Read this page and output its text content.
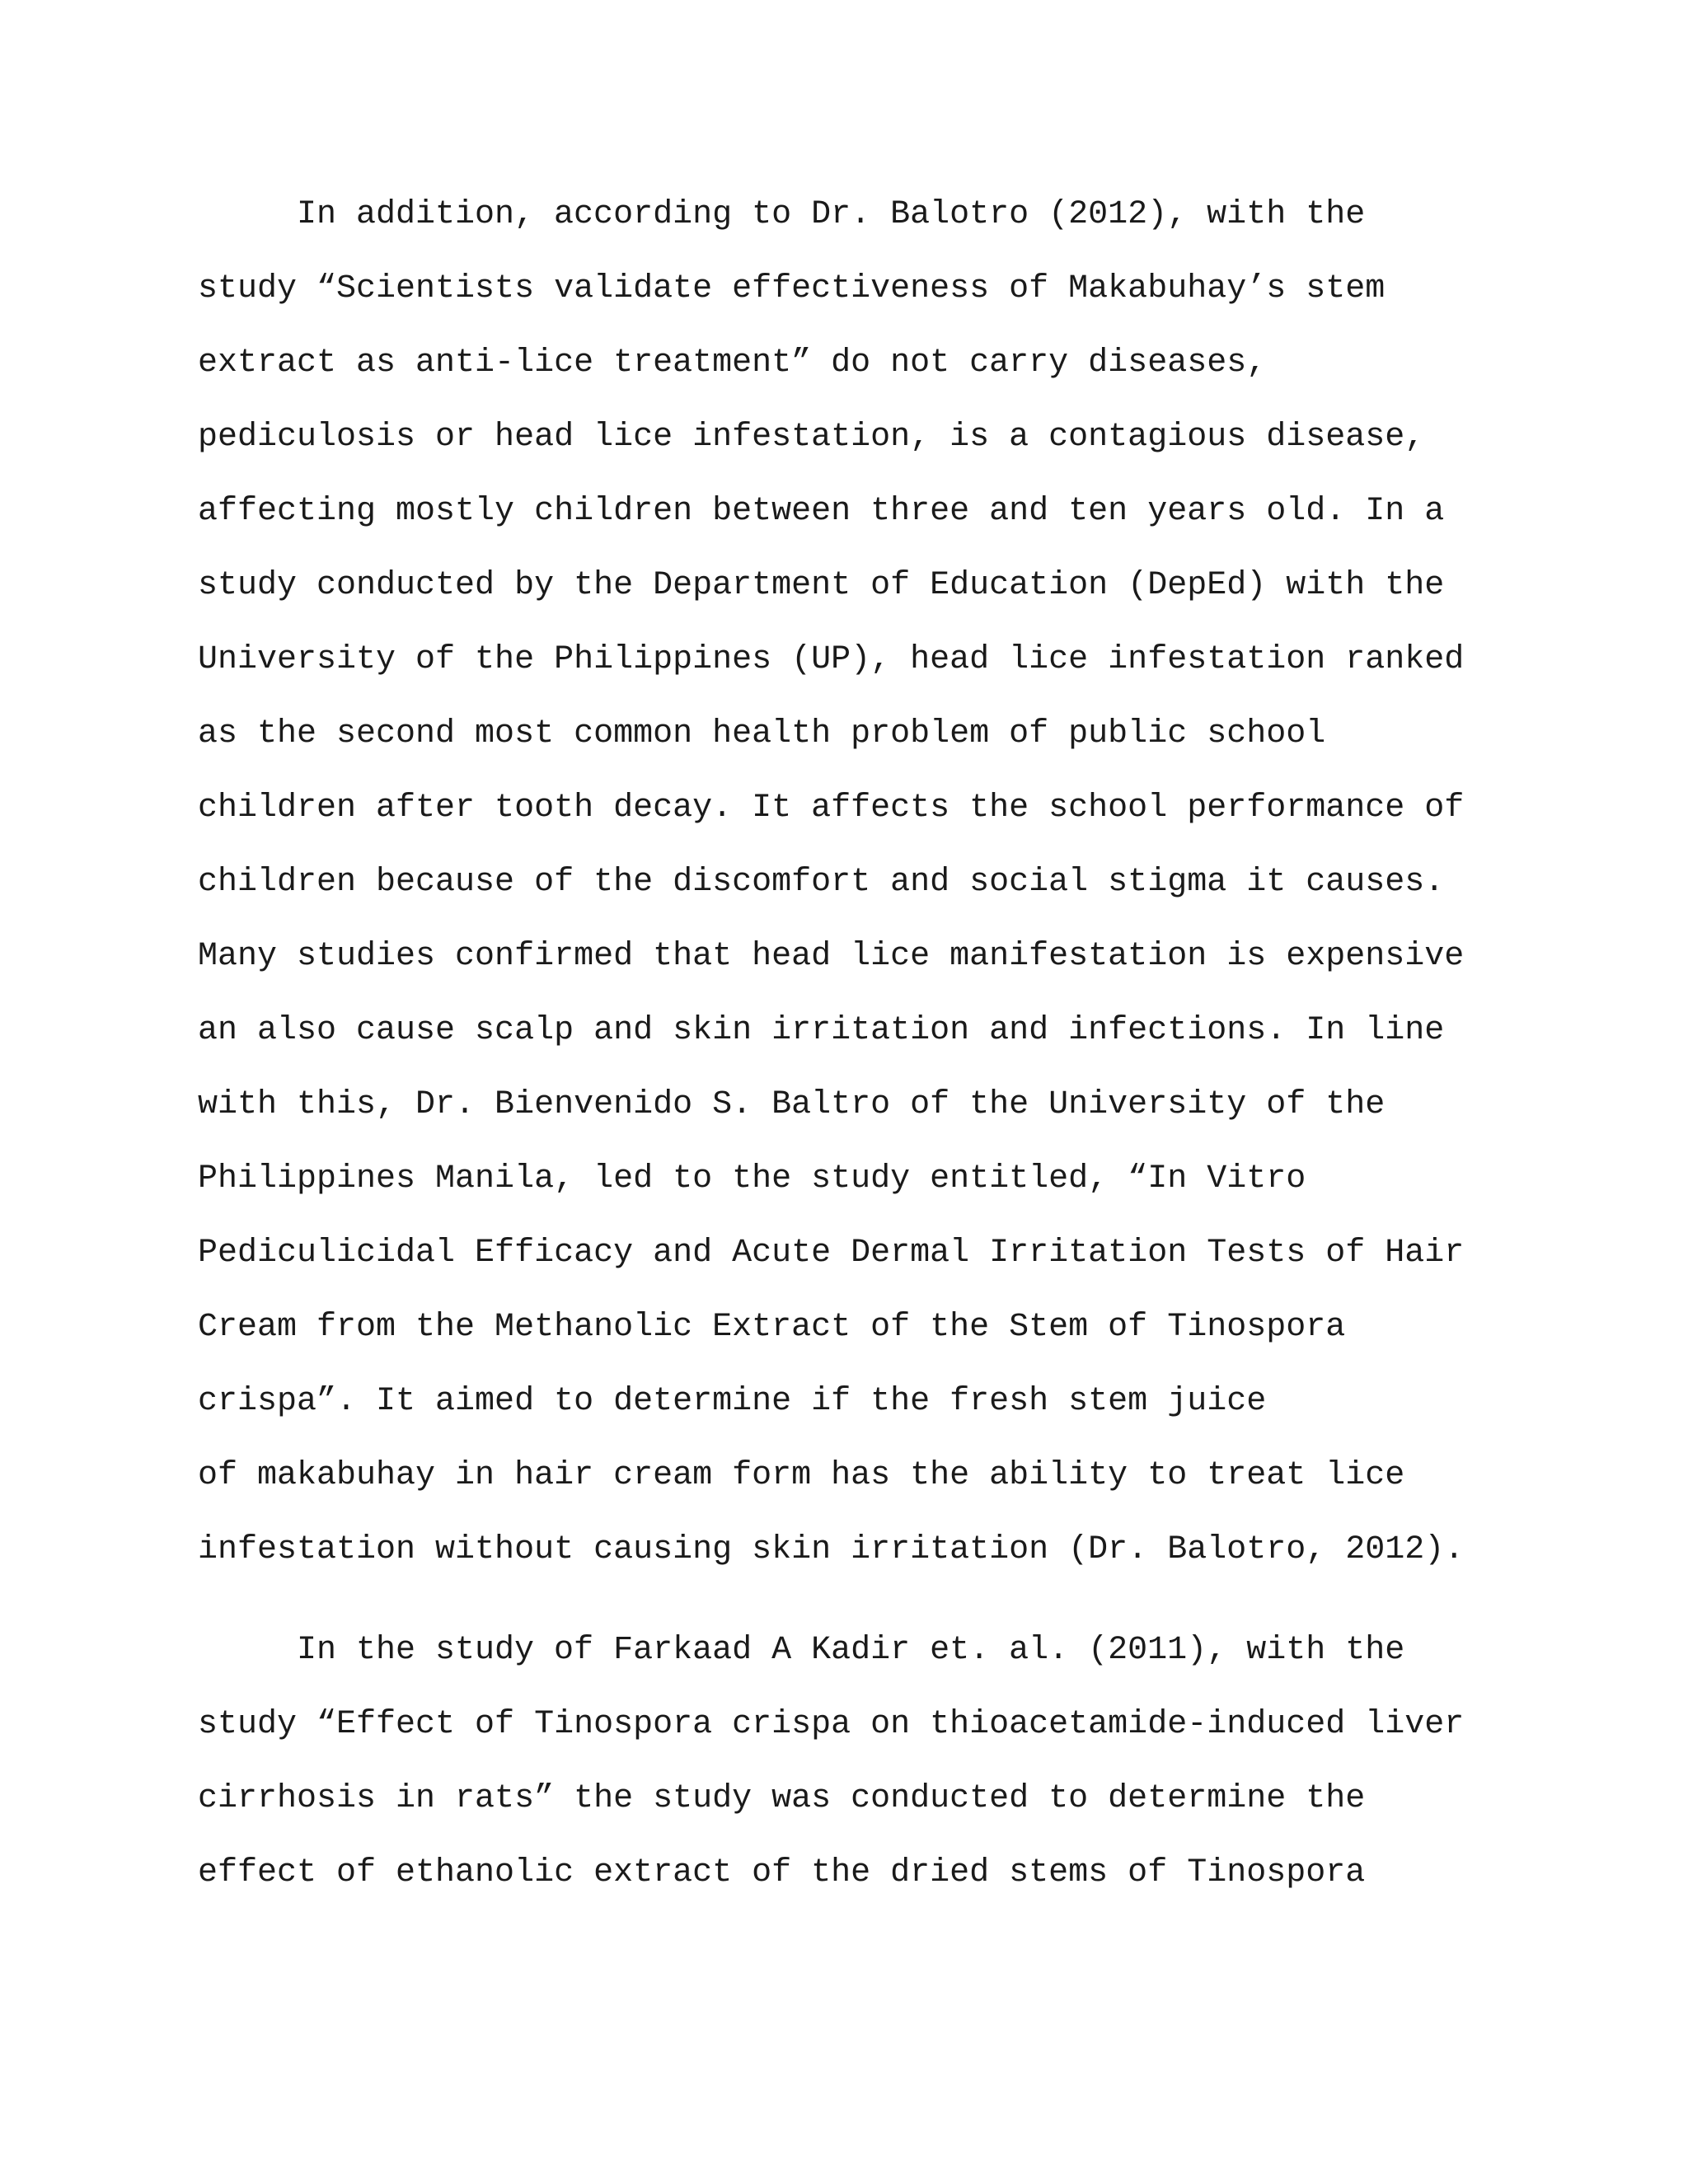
In addition, according to Dr. Balotro (2012), with the

study “Scientists validate effectiveness of Makabuhay’s stem

extract as anti-lice treatment” do not carry diseases,

pediculosis or head lice infestation, is a contagious disease,

affecting mostly children between three and ten years old. In a

study conducted by the Department of Education (DepEd) with the

University of the Philippines (UP), head lice infestation ranked

as the second most common health problem of public school

children after tooth decay. It affects the school performance of

children because of the discomfort and social stigma it causes.

Many studies confirmed that head lice manifestation is expensive

an also cause scalp and skin irritation and infections. In line

with this, Dr. Bienvenido S. Baltro of the University of the

Philippines Manila, led to the study entitled, “In Vitro

Pediculicidal Efficacy and Acute Dermal Irritation Tests of Hair

Cream from the Methanolic Extract of the Stem of Tinospora

crispa”. It aimed to determine if the fresh stem juice

of makabuhay in hair cream form has the ability to treat lice

infestation without causing skin irritation (Dr. Balotro, 2012).

In the study of Farkaad A Kadir et. al. (2011), with the

study “Effect of Tinospora crispa on thioacetamide-induced liver

cirrhosis in rats” the study was conducted to determine the

effect of ethanolic extract of the dried stems of Tinospora
